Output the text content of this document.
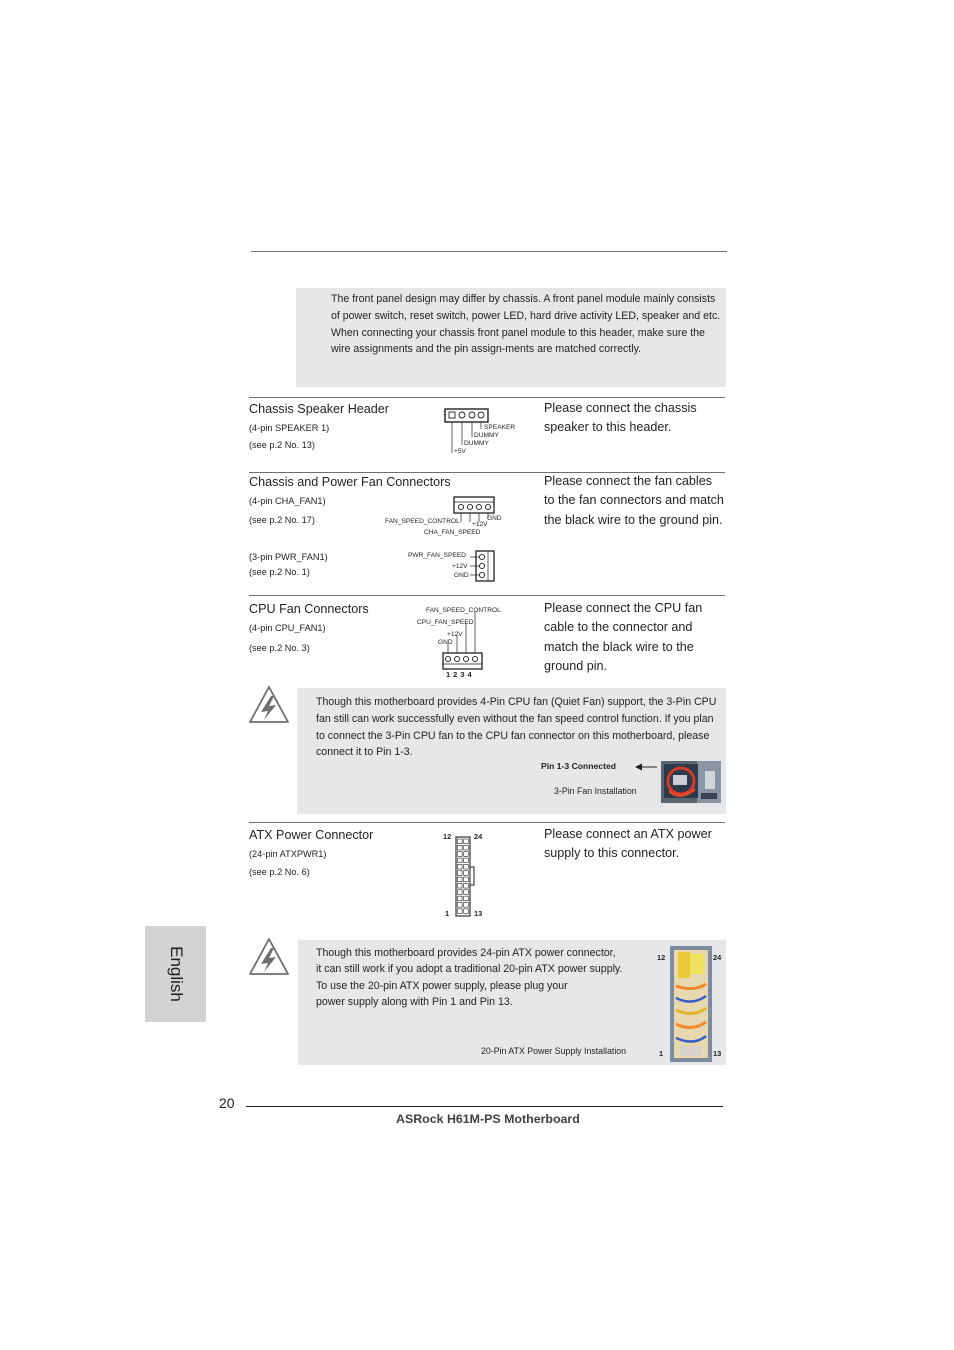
The front panel design may differ by chassis. A front panel module mainly consists of power switch, reset switch, power LED, hard drive activity LED, speaker and etc. When connecting your chassis front panel module to this header, make sure the wire assignments and the pin assign-ments are matched correctly.
Chassis Speaker Header
(4-pin SPEAKER 1)
(see p.2 No. 13)
Please connect the chassis speaker to this header.
1
SPEAKER
DUMMY
DUMMY
+5V
Chassis and Power Fan Connectors
(4-pin CHA_FAN1)
(see p.2 No. 17)
(3-pin PWR_FAN1)
(see p.2 No. 1)
Please connect the fan cables to the fan connectors and match the black wire to the ground pin.
FAN_SPEED_CONTROL	GND
+12V
CHA_FAN_SPEED
PWR_FAN_SPEED
+12V
GND
CPU Fan Connectors
(4-pin CPU_FAN1)
(see p.2 No. 3)
Please connect the CPU fan cable to the connector and match the black wire to the ground pin.
FAN_SPEED_CONTROL
CPU_FAN_SPEED
+12V
GND
1 2 3 4
Though this motherboard provides 4-Pin CPU fan (Quiet Fan) support, the 3-Pin CPU fan still can work successfully even without the fan speed control function. If you plan to connect the 3-Pin CPU fan to the CPU fan connector on this motherboard, please connect it to Pin 1-3.
Pin 1-3 Connected
3-Pin Fan Installation
ATX Power Connector
(24-pin ATXPWR1)
(see p.2 No. 6)
Please connect an ATX power supply to this connector.
12	24
1	13
Though this motherboard provides 24-pin ATX power connector,
it can still work if you adopt a traditional 20-pin ATX power supply.
To use the 20-pin ATX power supply, please plug your
power supply along with Pin 1 and Pin 13.
20-Pin ATX Power Supply Installation
12	24
1	13
English
20
ASRock H61M-PS Motherboard
